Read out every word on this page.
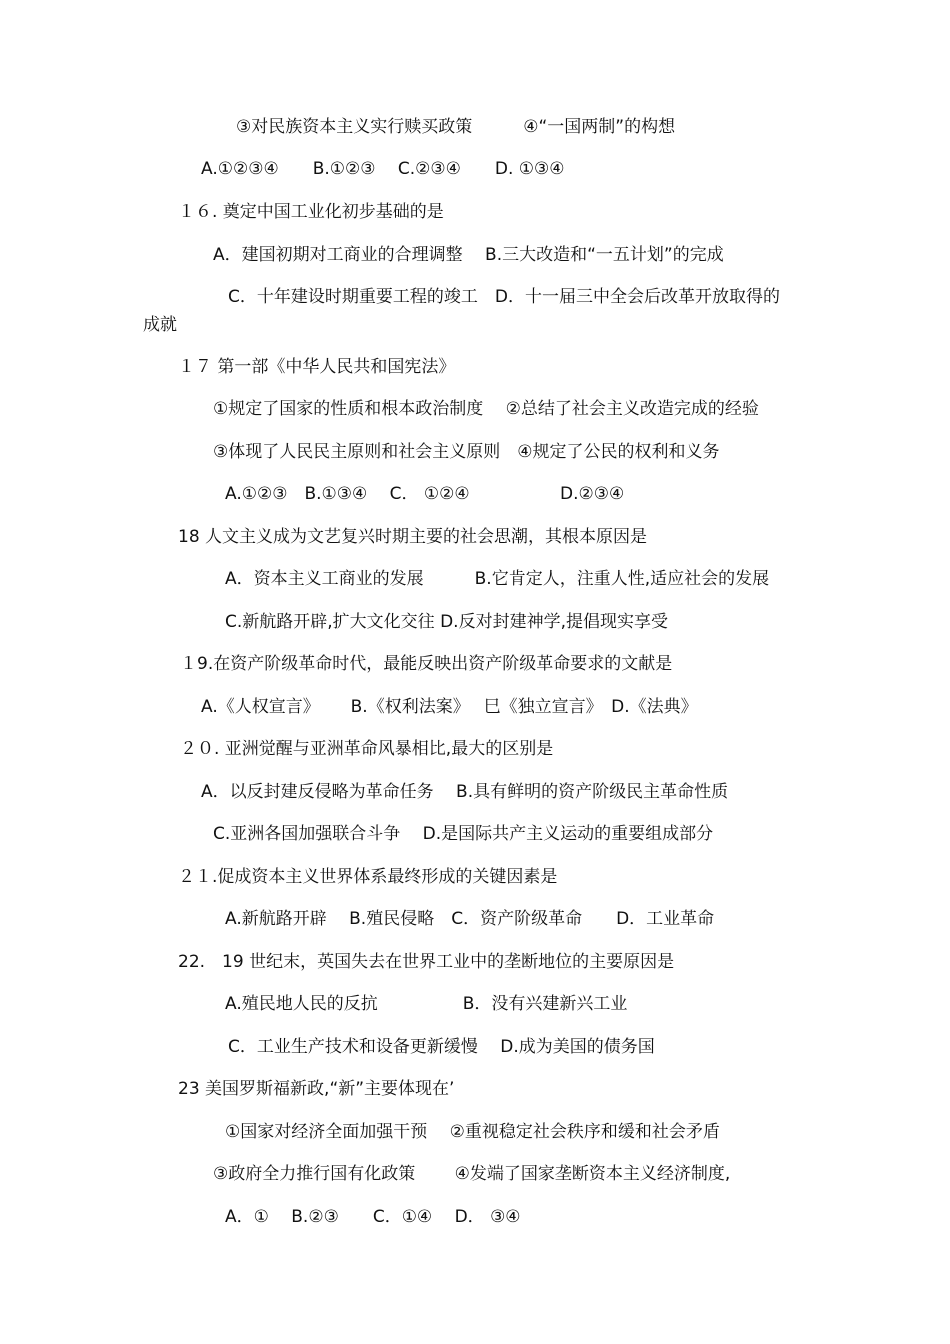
③对民族资本主义实行赎买政策　　　④“一国两制”的构想
A.①②③④　　B.①②③　 C.②③④　　D. ①③④
１６. 奠定中国工业化初步基础的是
A．建国初期对工商业的合理调整　 B.三大改造和“一五计划”的完成
C．十年建设时期重要工程的竣工　D．十一届三中全会后改革开放取得的
成就
１７ 第一部《中华人民共和国宪法》
①规定了国家的性质和根本政治制度　 ②总结了社会主义改造完成的经验
③体现了人民民主原则和社会主义原则　④规定了公民的权利和义务
A.①②③　B.①③④　 C． ①②④　　　　　 D.②③④
18 人文主义成为文艺复兴时期主要的社会思潮，其根本原因是
A．资本主义工商业的发展　　　B.它肯定人，注重人性,适应社会的发展
C.新航路开辟,扩大文化交往 D.反对封建神学,提倡现实享受
１9.在资产阶级革命时代，最能反映出资产阶级革命要求的文献是
A.《人权宣言》　　 B.《权利法案》　 巳《独立宣言》　D.《法典》
２０. 亚洲觉醒与亚洲革命风暴相比,最大的区别是
A．以反封建反侵略为革命任务　 B.具有鲜明的资产阶级民主革命性质
C.亚洲各国加强联合斗争　 D.是国际共产主义运动的重要组成部分
２１.促成资本主义世界体系最终形成的关键因素是
A.新航路开辟　 B.殖民侵略　C．资产阶级革命　　D．工业革命
22.　19 世纪末，英国失去在世界工业中的垄断地位的主要原因是
A.殖民地人民的反抗　　　　　B．没有兴建新兴工业
C．工业生产技术和设备更新缓慢　 D.成为美国的债务国
23 美国罗斯福新政,“新”主要体现在’
①国家对经济全面加强干预　 ②重视稳定社会秩序和缓和社会矛盾
③政府全力推行国有化政策　　 ④发端了国家垄断资本主义经济制度,
A．①　 B.②③　　C．①④　 D． ③④
